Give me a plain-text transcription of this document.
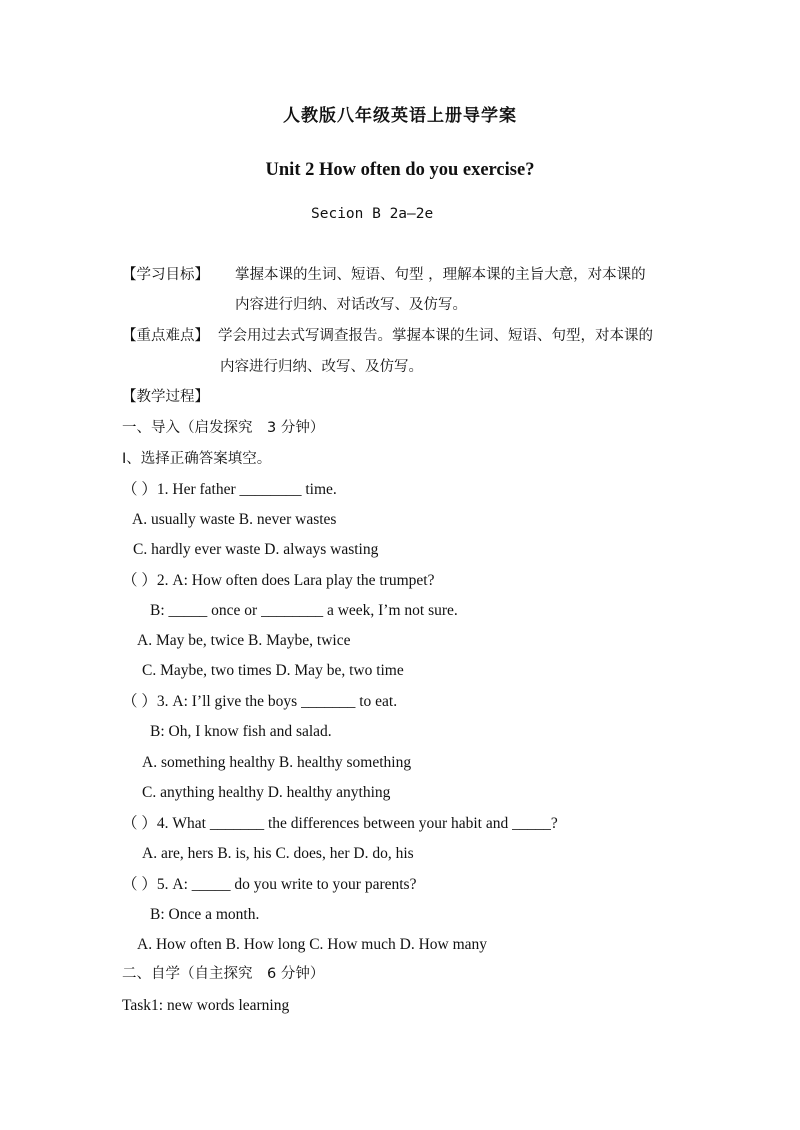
人教版八年级英语上册导学案
Unit 2 How often do you exercise?
Secion B 2a—2e
【学习目标】 掌握本课的生词、短语、句型 ，理解本课的主旨大意，对本课的
内容进行归纳、对话改写、及仿写。
【重点难点】 学会用过去式写调查报告。掌握本课的生词、短语、句型，对本课的
内容进行归纳、改写、及仿写。
【教学过程】
一、导入（启发探究　3 分钟）
I、选择正确答案填空。
（ ）1. Her father ________ time.
A. usually waste B. never wastes
C. hardly ever waste D. always wasting
（ ）2. A: How often does Lara play the trumpet?
B: _____ once or ________ a week, I’m not sure.
A. May be, twice B. Maybe, twice
C. Maybe, two times D. May be, two time
（ ）3. A: I’ll give the boys _______ to eat.
B: Oh, I know fish and salad.
A. something healthy B. healthy something
C. anything healthy D. healthy anything
（ ）4. What _______ the differences between your habit and _____?
A. are, hers B. is, his C. does, her D. do, his
（ ）5. A: _____ do you write to your parents?
B: Once a month.
A. How often B. How long C. How much D. How many
二、自学（自主探究　6 分钟）
Task1: new words learning
